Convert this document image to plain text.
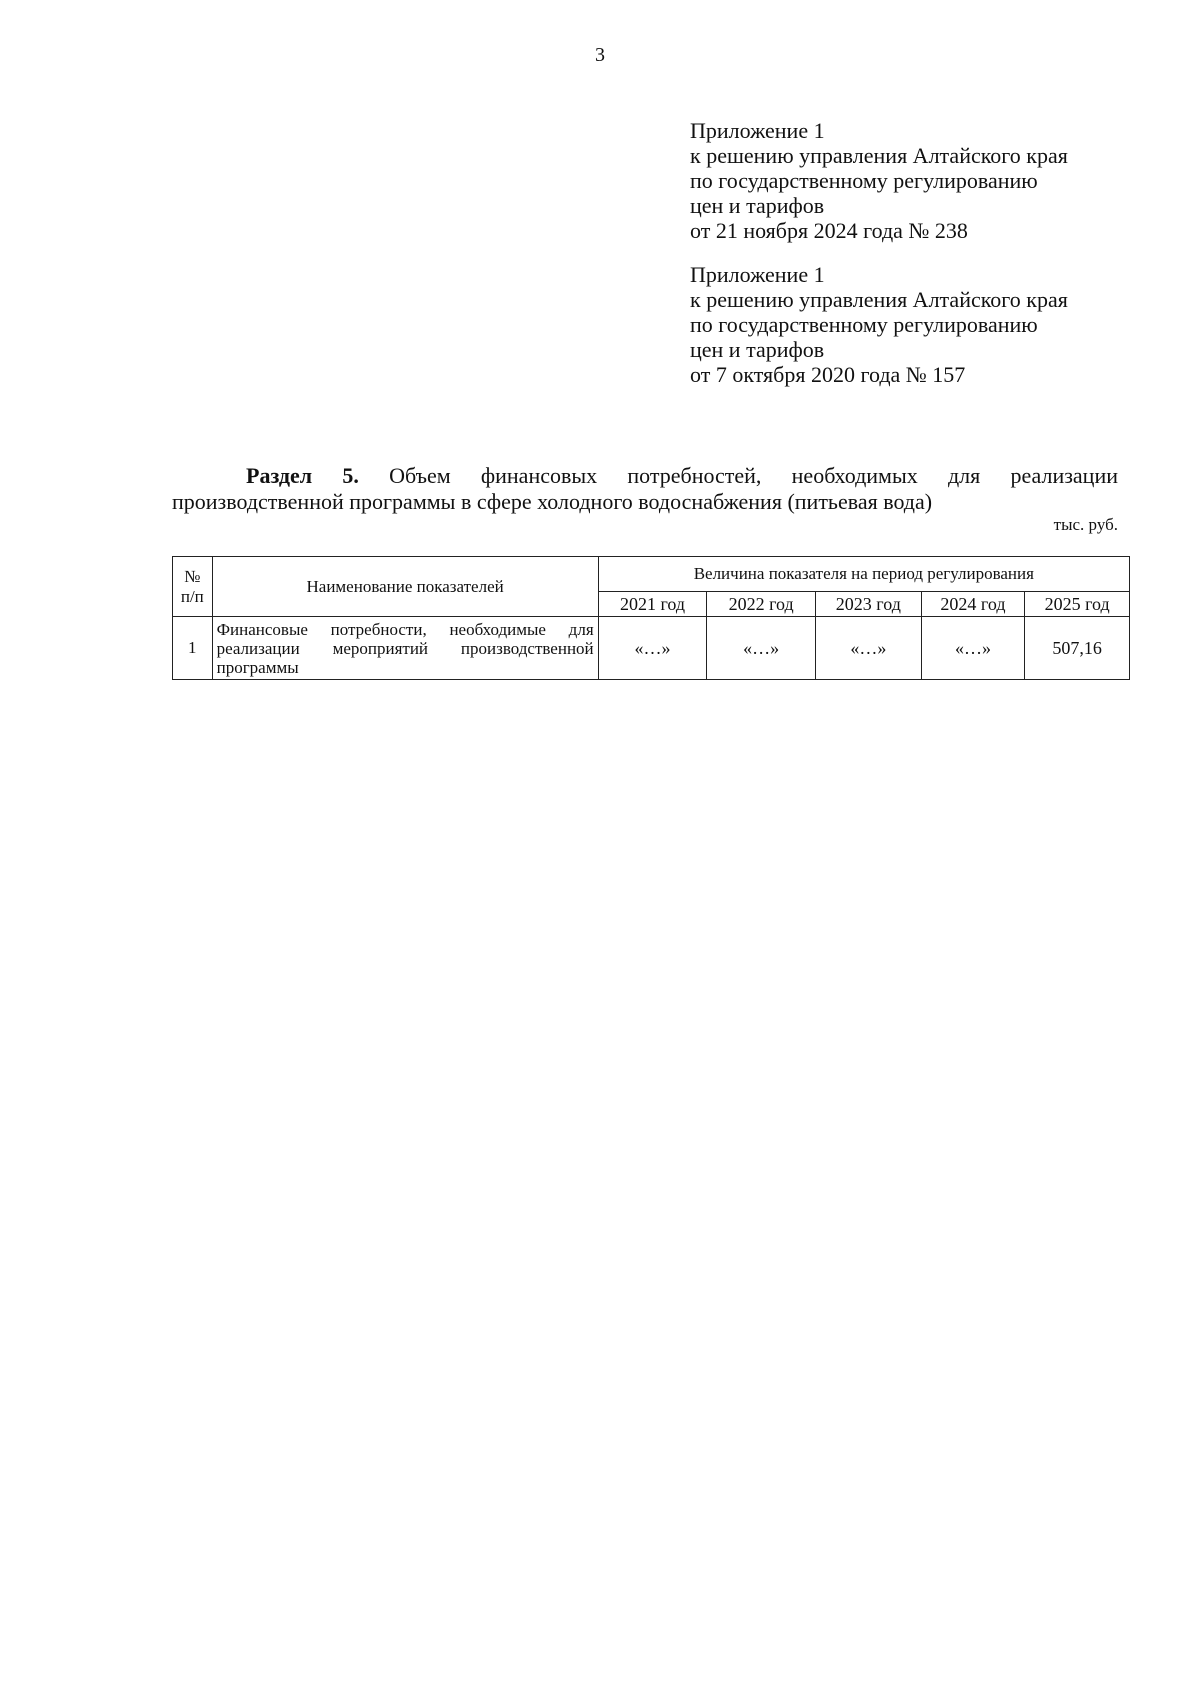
3
Приложение 1
к решению управления Алтайского края
по государственному регулированию
цен и тарифов
от 21 ноября 2024 года № 238
Приложение 1
к решению управления Алтайского края
по государственному регулированию
цен и тарифов
от 7 октября 2020 года № 157
Раздел 5. Объем финансовых потребностей, необходимых для реализации
производственной программы в сфере холодного водоснабжения (питьевая вода)
тыс. руб.
№
п/п	Наименование показателей	Величина показателя на период регулирования				
		2021 год	2022 год	2023 год	2024 год	2025 год
1	Финансовые потребности, необходимые для реализации мероприятий производственной программы	«…»	«…»	«…»	«…»	507,16
